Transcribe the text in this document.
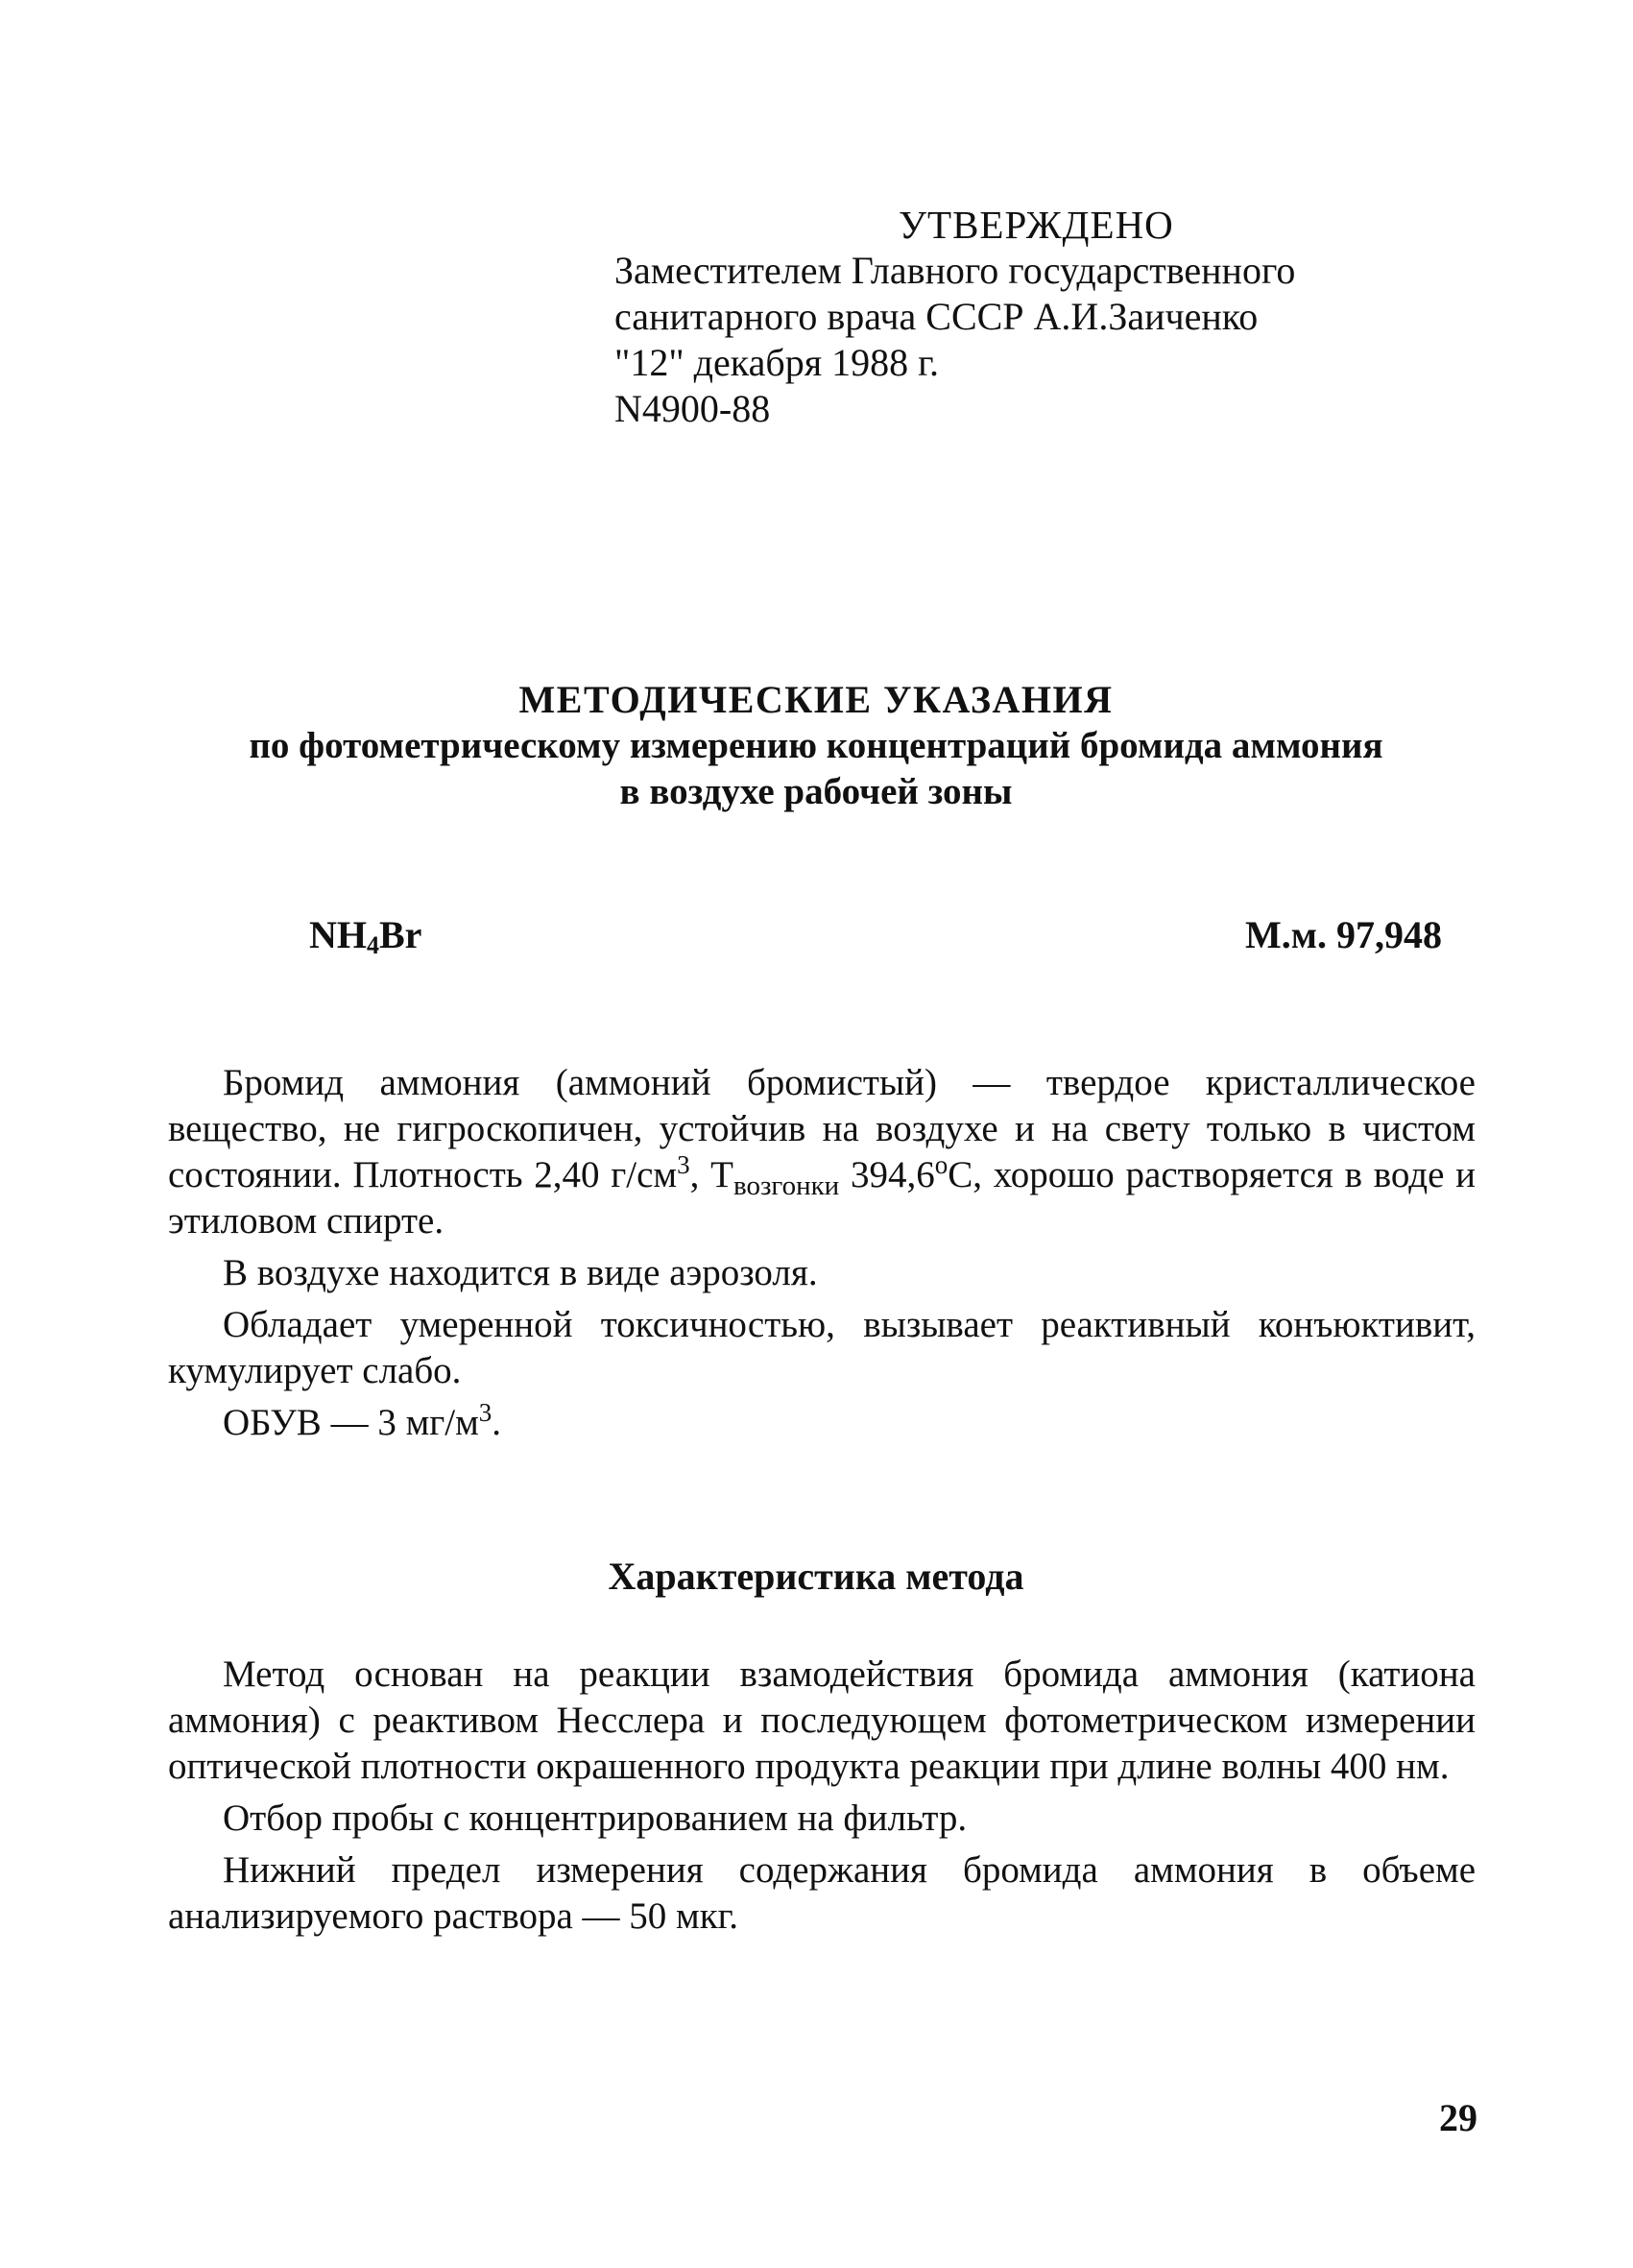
УТВЕРЖДЕНО
Заместителем Главного государственного
санитарного врача СССР А.И.Заиченко
"12" декабря 1988 г.
N4900-88
МЕТОДИЧЕСКИЕ УКАЗАНИЯ
по фотометрическому измерению концентраций бромида аммония
в воздухе рабочей зоны
$NH_4Br$	М.м. 97,948

Бромид аммония (аммоний бромистый) — твердое кристаллическое вещество, не гигроскопичен, устойчив на воздухе и на свету только в чистом состоянии. Плотность 2,40 $г/см^3$, $Т_{возгонки}$ $394,6^оС$, хорошо растворяется в воде и этиловом спирте.

В воздухе находится в виде аэрозоля.

Обладает умеренной токсичностью, вызывает реактивный конъюктивит, кумулирует слабо.

ОБУВ — 3 $мг/м^3$.

Характеристика метода

Метод основан на реакции взамодействия бромида аммония (катиона аммония) с реактивом Несслера и последующем фотометрическом измерении оптической плотности окрашенного продукта реакции при длине волны 400 нм.

Отбор пробы с концентрированием на фильтр.

Нижний предел измерения содержания бромида аммония в объеме анализируемого раствора — 50 мкг.

29
